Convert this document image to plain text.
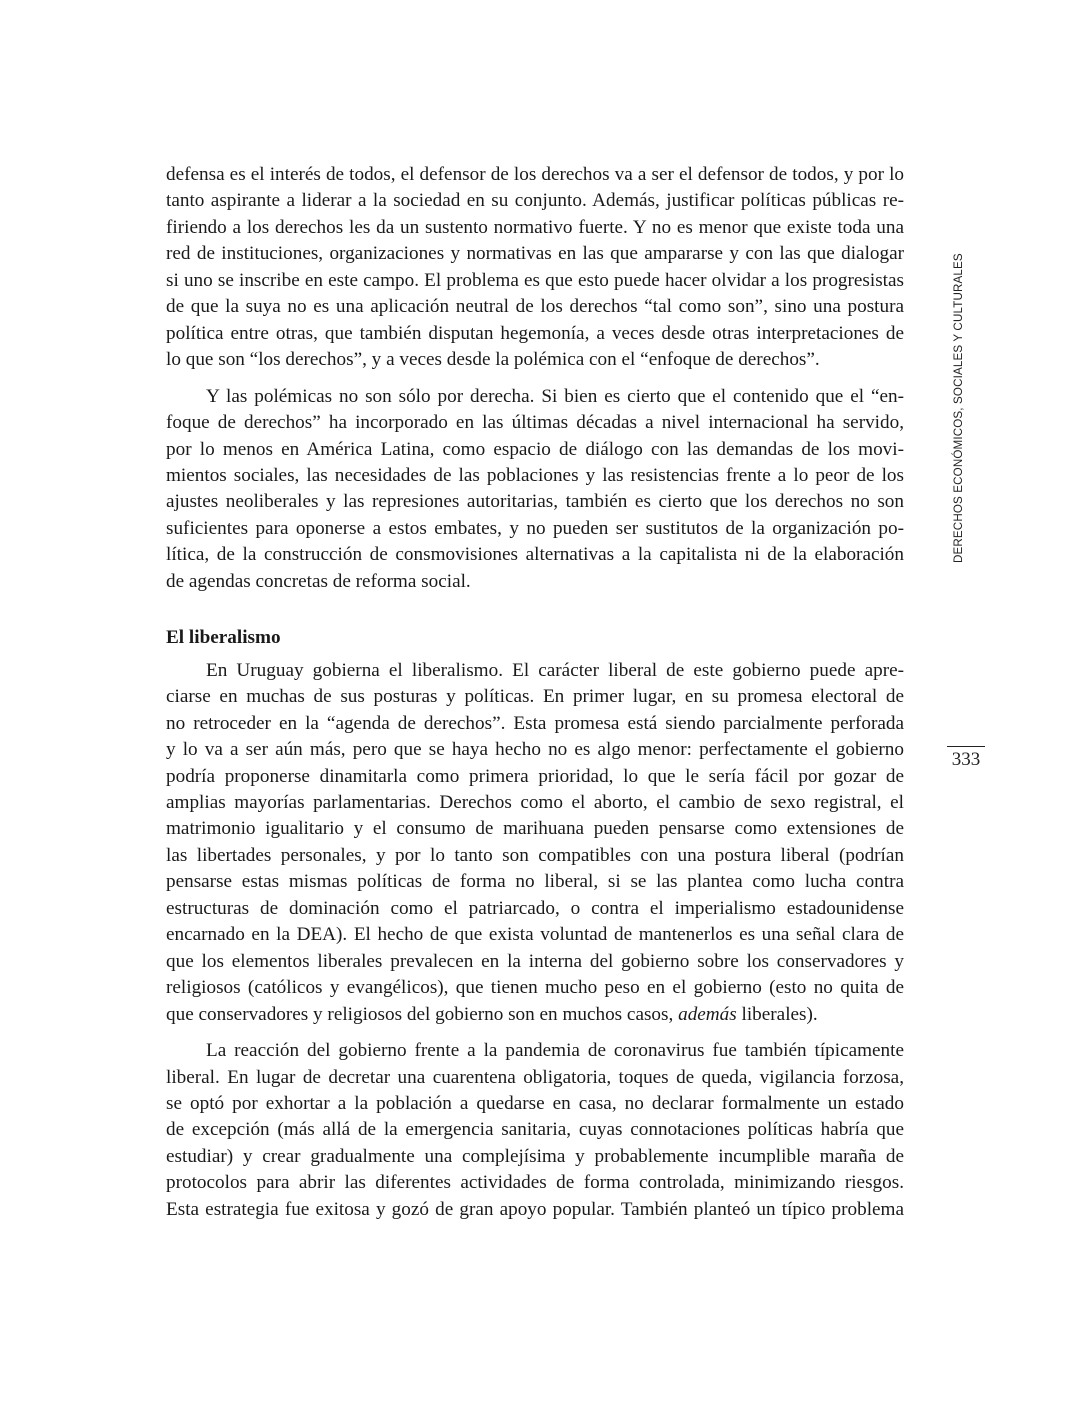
defensa es el interés de todos, el defensor de los derechos va a ser el defensor de todos, y por lo
tanto aspirante a liderar a la sociedad en su conjunto. Además, justificar políticas públicas re-
firiendo a los derechos les da un sustento normativo fuerte. Y no es menor que existe toda una
red de instituciones, organizaciones y normativas en las que ampararse y con las que dialogar
si uno se inscribe en este campo. El problema es que esto puede hacer olvidar a los progresistas
de que la suya no es una aplicación neutral de los derechos “tal como son”, sino una postura
política entre otras, que también disputan hegemonía, a veces desde otras interpretaciones de
lo que son “los derechos”, y a veces desde la polémica con el “enfoque de derechos”.

Y las polémicas no son sólo por derecha. Si bien es cierto que el contenido que el “en-
foque de derechos” ha incorporado en las últimas décadas a nivel internacional ha servido,
por lo menos en América Latina, como espacio de diálogo con las demandas de los movi-
mientos sociales, las necesidades de las poblaciones y las resistencias frente a lo peor de los
ajustes neoliberales y las represiones autoritarias, también es cierto que los derechos no son
suficientes para oponerse a estos embates, y no pueden ser sustitutos de la organización po-
lítica, de la construcción de consmovisiones alternativas a la capitalista ni de la elaboración
de agendas concretas de reforma social.

El liberalismo

En Uruguay gobierna el liberalismo. El carácter liberal de este gobierno puede apre-
ciarse en muchas de sus posturas y políticas. En primer lugar, en su promesa electoral de
no retroceder en la “agenda de derechos”. Esta promesa está siendo parcialmente perforada
y lo va a ser aún más, pero que se haya hecho no es algo menor: perfectamente el gobierno
podría proponerse dinamitarla como primera prioridad, lo que le sería fácil por gozar de
amplias mayorías parlamentarias. Derechos como el aborto, el cambio de sexo registral, el
matrimonio igualitario y el consumo de marihuana pueden pensarse como extensiones de
las libertades personales, y por lo tanto son compatibles con una postura liberal (podrían
pensarse estas mismas políticas de forma no liberal, si se las plantea como lucha contra
estructuras de dominación como el patriarcado, o contra el imperialismo estadounidense
encarnado en la DEA). El hecho de que exista voluntad de mantenerlos es una señal clara de
que los elementos liberales prevalecen en la interna del gobierno sobre los conservadores y
religiosos (católicos y evangélicos), que tienen mucho peso en el gobierno (esto no quita de
que conservadores y religiosos del gobierno son en muchos casos, además liberales).

La reacción del gobierno frente a la pandemia de coronavirus fue también típicamente
liberal. En lugar de decretar una cuarentena obligatoria, toques de queda, vigilancia forzosa,
se optó por exhortar a la población a quedarse en casa, no declarar formalmente un estado
de excepción (más allá de la emergencia sanitaria, cuyas connotaciones políticas habría que
estudiar) y crear gradualmente una complejísima y probablemente incumplible maraña de
protocolos para abrir las diferentes actividades de forma controlada, minimizando riesgos.
Esta estrategia fue exitosa y gozó de gran apoyo popular. También planteó un típico problema

DERECHOS ECONÓMICOS, SOCIALES Y CULTURALES
333
